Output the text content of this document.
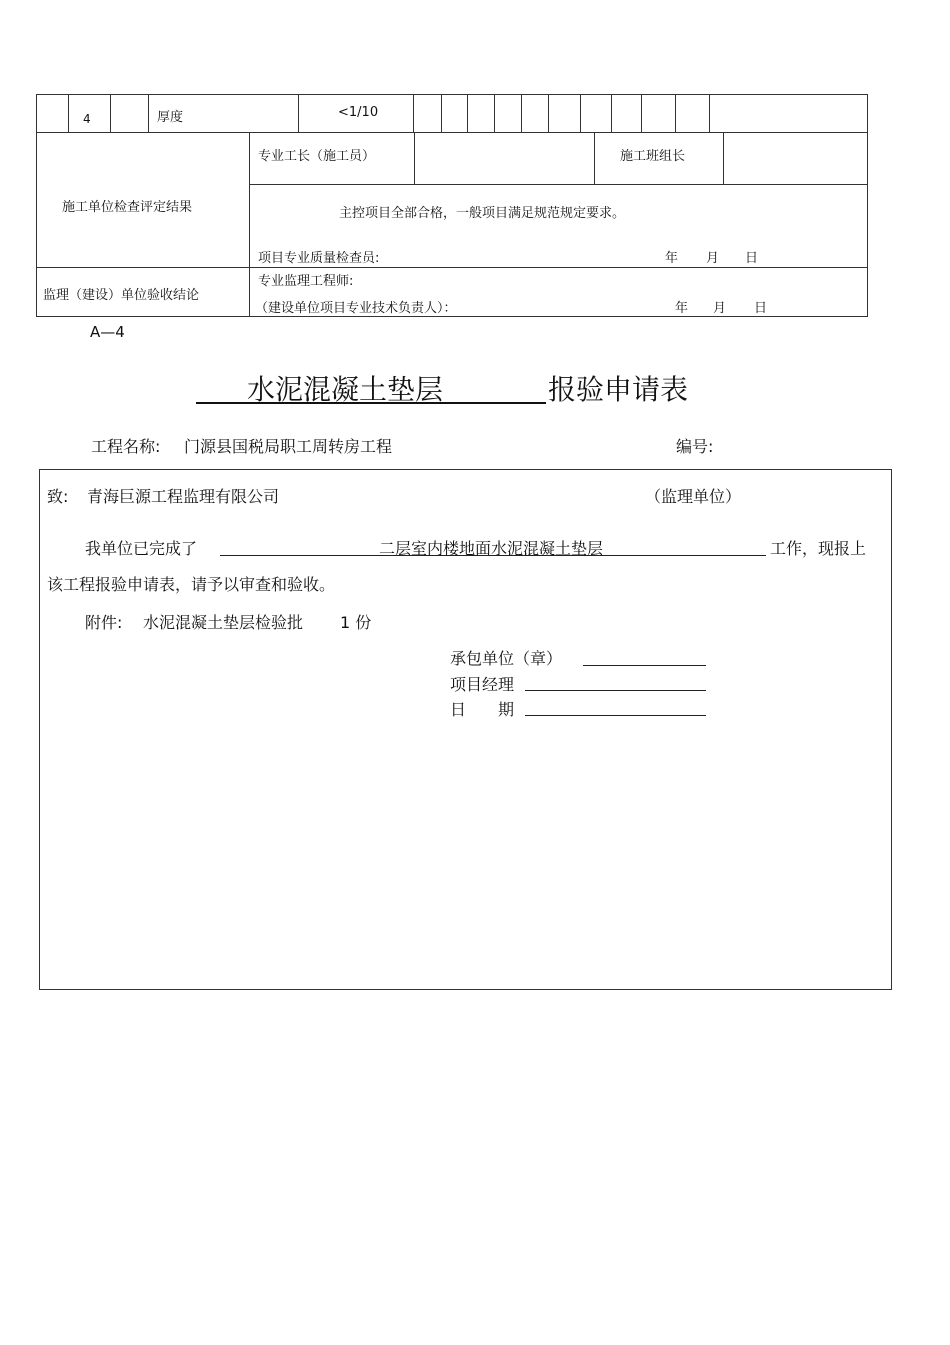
4	厚度	<1/10
施工单位检查评定结果
专业工长（施工员）	施工班组长
主控项目全部合格，一般项目满足规范规定要求。
项目专业质量检查员:	年 月 日
监理（建设）单位验收结论
专业监理工程师:
（建设单位项目专业技术负责人）：	年 月 日
A—4
水泥混凝土垫层	报验申请表
工程名称: 门源县国税局职工周转房工程	编号:
致: 青海巨源工程监理有限公司	（监理单位）
我单位已完成了	二层室内楼地面水泥混凝土垫层	工作，现报上
该工程报验申请表，请予以审查和验收。
附件: 水泥混凝土垫层检验批 1 份
承包单位（章）
项目经理
日　　期
